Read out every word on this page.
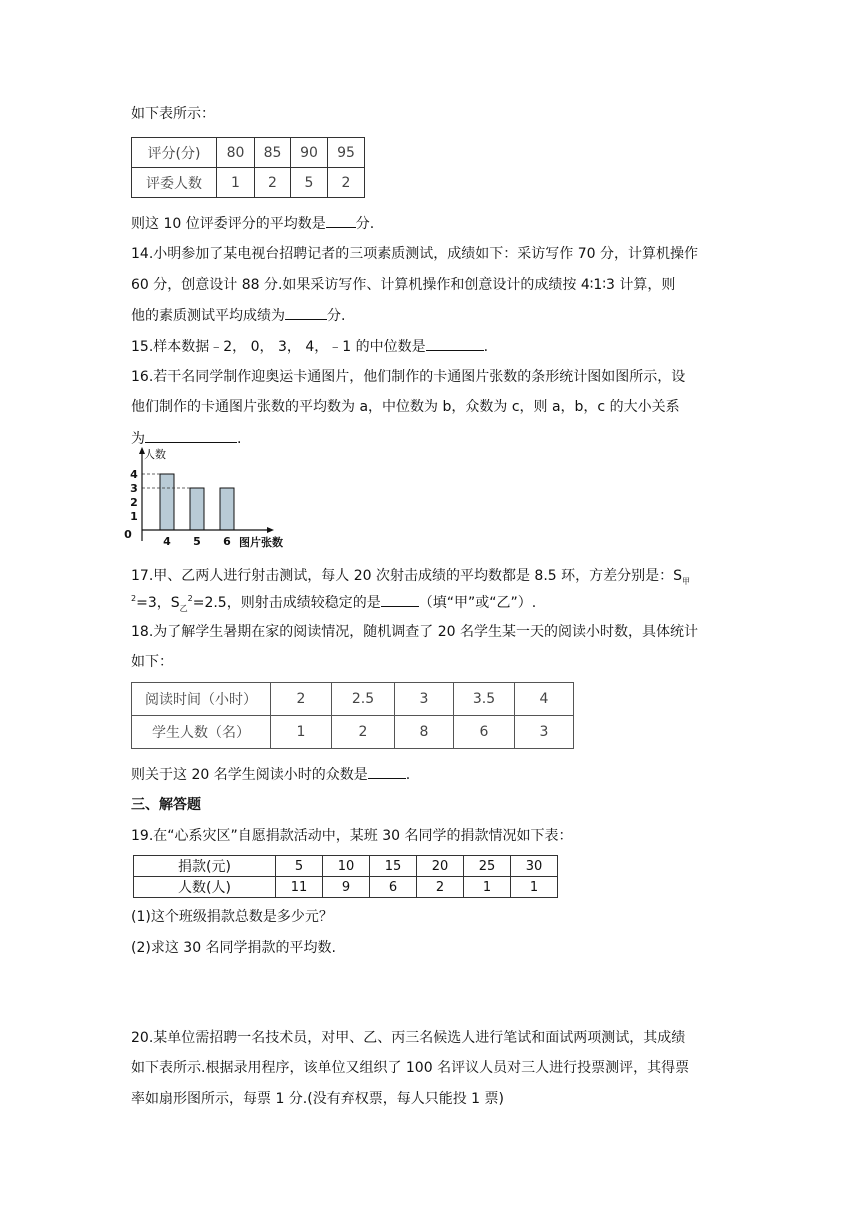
如下表所示：
评分(分)	80	85	90	95
评委人数	1	2	5	2
则这 10 位评委评分的平均数是 分.
14.小明参加了某电视台招聘记者的三项素质测试，成绩如下：采访写作 70 分，计算机操作
60 分，创意设计 88 分.如果采访写作、计算机操作和创意设计的成绩按 4∶1∶3 计算，则
他的素质测试平均成绩为	分.
15.样本数据﹣2， 0， 3， 4，﹣1 的中位数是	.
16.若干名同学制作迎奥运卡通图片，他们制作的卡通图片张数的条形统计图如图所示，设
他们制作的卡通图片张数的平均数为 a，中位数为 b，众数为 c，则 a，b，c 的大小关系
为	.
0
1
2
3
4
4 5 6
人数
图片张数
17.甲、乙两人进行射击测试，每人 20 次射击成绩的平均数都是 8.5 环，方差分别是：$S_甲$
$^2$=3，$S_乙^2=2.5$，则射击成绩较稳定的是	（填“甲”或“乙”）.
18.为了解学生暑期在家的阅读情况，随机调查了 20 名学生某一天的阅读小时数，具体统计
如下：
阅读时间（小时）	2	2.5	3	3.5	4
学生人数（名）	1	2	8	6	3
则关于这 20 名学生阅读小时的众数是	.
三、解答题
19.在“心系灾区”自愿捐款活动中，某班 30 名同学的捐款情况如下表：
捐款(元)	5	10	15	20	25	30
人数(人)	11	9	6	2	1	1
(1)这个班级捐款总数是多少元？
(2)求这 30 名同学捐款的平均数.
20.某单位需招聘一名技术员，对甲、乙、丙三名候选人进行笔试和面试两项测试，其成绩
如下表所示.根据录用程序，该单位又组织了 100 名评议人员对三人进行投票测评，其得票
率如扇形图所示，每票 1 分.(没有弃权票，每人只能投 1 票)
